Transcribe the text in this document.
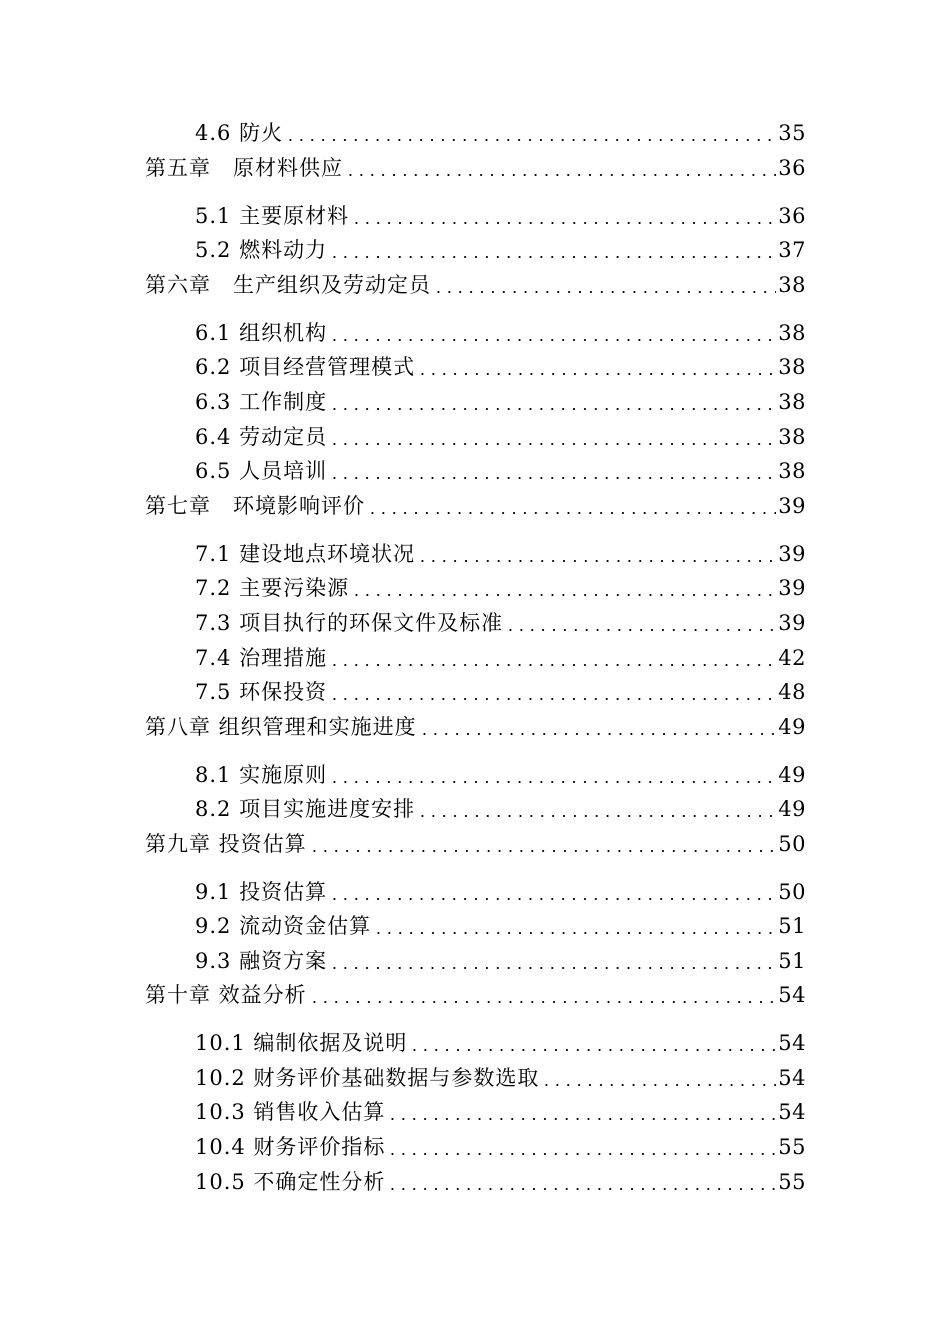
4.6 防火	35
第五章　原材料供应	36
5.1 主要原材料	36
5.2 燃料动力	37
第六章　生产组织及劳动定员	38
6.1 组织机构	38
6.2 项目经营管理模式	38
6.3 工作制度	38
6.4 劳动定员	38
6.5 人员培训	38
第七章　环境影响评价	39
7.1 建设地点环境状况	39
7.2 主要污染源	39
7.3 项目执行的环保文件及标准	39
7.4 治理措施	42
7.5 环保投资	48
第八章 组织管理和实施进度	49
8.1 实施原则	49
8.2 项目实施进度安排	49
第九章 投资估算	50
9.1 投资估算	50
9.2 流动资金估算	51
9.3 融资方案	51
第十章 效益分析	54
10.1 编制依据及说明	54
10.2 财务评价基础数据与参数选取	54
10.3 销售收入估算	54
10.4 财务评价指标	55
10.5 不确定性分析	55
